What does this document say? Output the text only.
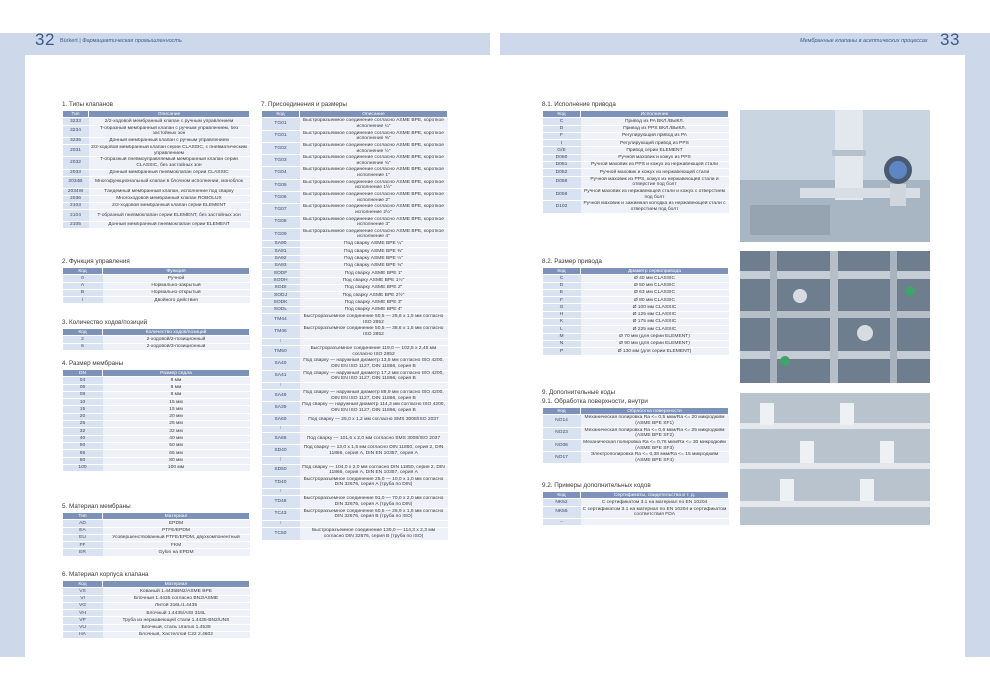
32 Bürkert | Фармацевтическая промышленность	Мембранные клапаны в асептических процессах 33
1. Типы клапанов
Тип	Описание
3233	2/2-ходовой мембранный клапан с ручным управлением
3234	T-образный мембранный клапан с ручным управлением, без застойных зон
3235	Донный мембранный клапан с ручным управлением
2031	2/2-ходовой мембранный клапан серии CLASSIC, с пневматическим управлением
2032	T-образный пневмоуправляемый мембранный клапан серии CLASSIC, без застойных зон
2033	Донный мембранный пневмоклапан серии CLASSIC
2034B	Многофункциональный клапан в блочном исполнении, моноблок
2034W	Тандемный мембранный клапан, исполнение под сварку
2036	Многоходовой мембранный клапан ROBOLUX
2103	2/2-ходовой мембранный клапан серии ELEMENT
2104	T-образный пневмоклапан серии ELEMENT, без застойных зон
2105	Донный мембранный пневмоклапан серии ELEMENT
2. Функция управления
Код	Функция
0	Ручной
A	Нормально-закрытый
B	Нормально-открытый
I	Двойного действия
3. Количество ходов/позиций
Код	Количество ходов/позиций
2	2-ходовой/2-позиционный
6	2-ходовой/3-позиционный
4. Размер мембраны
DN	Размер седла
04	8 мм
06	8 мм
08	8 мм
10	15 мм
15	15 мм
20	20 мм
25	25 мм
32	32 мм
40	40 мм
50	50 мм
65	65 мм
80	80 мм
100	100 мм
5. Материал мембраны
Тип	Материал
AD	EPDM
EA	PTFE/EPDM
EU	Усовершенствованный PTFE/EPDM, двухкомпонентный
FF	FKM
ER	Gylon на EPDM
6. Материал корпуса клапана
Код	Материал
VS	Кованый 1.4435BN2/ASME BPE
VI	Блочный 1.4435 согласно BN2/ASME
VG	Литой 316L/1.4435
VH	Блочный 1.4435/AISI 316L
VP	Труба из нержавеющей стали 1.4435-BN2/UNS
VU	Блочный, сталь Uranus 1.4539
HA	Блочный, Хастеллой C22 2.4602
7. Присоединения и размеры
Код	Описание
TG01	Быстроразъемное соединение согласно ASME BPE, короткое исполнение ¼"
TG01	Быстроразъемное соединение согласно ASME BPE, короткое исполнение ⅜"
TG02	Быстроразъемное соединение согласно ASME BPE, короткое исполнение ½"
TG03	Быстроразъемное соединение согласно ASME BPE, короткое исполнение ¾"
TG04	Быстроразъемное соединение согласно ASME BPE, короткое исполнение 1"
TG05	Быстроразъемное соединение согласно ASME BPE, короткое исполнение 1½"
TG06	Быстроразъемное соединение согласно ASME BPE, короткое исполнение 2"
TG07	Быстроразъемное соединение согласно ASME BPE, короткое исполнение 2½"
TG08	Быстроразъемное соединение согласно ASME BPE, короткое исполнение 3"
TG09	Быстроразъемное соединение согласно ASME BPE, короткое исполнение 4"
SA90	Под сварку ASME BPE ¼"
SA91	Под сварку ASME BPE ⅜"
SA92	Под сварку ASME BPE ½"
SA93	Под сварку ASME BPE ¾"
SODF	Под сварку ASME BPE 1"
SODH	Под сварку ASME BPE 1½"
SODI	Под сварку ASME BPE 2"
SODJ	Под сварку ASME BPE 2½"
SODK	Под сварку ASME BPE 3"
SODL	Под сварку ASME BPE 4"
TM44	Быстроразъемное соединение 50,5 — 25,6 х 1,5 мм согласно ISO 2852
TM46	Быстроразъемное соединение 50,5 — 38,6 х 1,5 мм согласно ISO 2852
⁞	
TM50	Быстроразъемное соединение 119,0 — 102,5 х 2,45 мм согласно ISO 2852
SA40	Под сварку — наружный диаметр 13,5 мм согласно ISO 4200, DIN EN ISO 1127, DIN 11866, серия B
SA41	Под сварку — наружный диаметр 17,2 мм согласно ISO 4200, DIN EN ISO 1127, DIN 11866, серия B
⁞	
SA49	Под сварку — наружный диаметр 88,9 мм согласно ISO 4200, DIN EN ISO 1127, DIN 11866, серия B
SA39	Под сварку — наружный диаметр 114,3 мм согласно ISO 4200, DIN EN ISO 1127, DIN 11866, серия B
SA60	Под сварку — 25,0 х 1,2 мм согласно SMS 3008/ISO 2037
⁞	
SA66	Под сварку — 101,6 х 2,0 мм согласно SMS 3008/ISO 2037
SD40	Под сварку — 13,0 х 1,5 мм согласно DIN 11850, серия 2, DIN 11866, серия A, DIN EN 10357, серия A
⁞	
SD50	Под сварку — 104,0 х 2,0 мм согласно DIN 11850, серия 2, DIN 11866, серия A, DIN EN 10357, серия A
TD40	Быстроразъемное соединение 25,0 — 10,0 х 1,0 мм согласно DIN 32676, серия A (труба по DIN)
⁞	
TD48	Быстроразъемное соединение 91,0 — 70,0 х 2,0 мм согласно DIN 32676, серия A (труба по DIN)
TC43	Быстроразъемное соединение 50,5 — 26,9 х 1,6 мм согласно DIN 32676, серия B (труба по ISO)
⁞	
TC50	Быстроразъемное соединение 130,0 — 114,3 х 2,3 мм согласно DIN 32676, серия B (труба по ISO)
8.1. Исполнение привода
Код	Исполнение
C	Привод из PA ВКЛ./ВЫКЛ.
D	Привод из PPS ВКЛ./ВЫКЛ.
F	Регулирующий привод из PA
I	Регулирующий привод из PPS
G/E	Привод серии ELEMENT
D050	Ручной маховик и кожух из PPS
D051	Ручной маховик из PPS и кожух из нержавеющей стали
D052	Ручной маховик и кожух из нержавеющей стали
D058	Ручной маховик из PPS, кожух из нержавеющей стали и отверстие под болт
D059	Ручной маховик из нержавеющей стали и кожух с отверстием под болт
D102	Ручной маховик и зажимная колодка из нержавеющей стали с отверстием под болт
8.2. Размер привода
Код	Диаметр сервопривода
C	Ø 40 мм CLASSIC
D	Ø 50 мм CLASSIC
E	Ø 63 мм CLASSIC
F	Ø 80 мм CLASSIC
G	Ø 100 мм CLASSIC
H	Ø 125 мм CLASSIC
K	Ø 175 мм CLASSIC
L	Ø 225 мм CLASSIC
M	Ø 70 мм (для серии ELEMENT)
N	Ø 90 мм (для серии ELEMENT)
P	Ø 130 мм (для серии ELEMENT)
9. Дополнительные коды
9.1. Обработка поверхности, внутри
Код	Обработка поверхности
NO14	Механическая полировка Ra <= 0,5 мкм/Ra <= 20 микродюйм (ASME BPE SF1)
NO23	Механическая полировка Ra <= 0,6 мкм/Ra <= 25 микродюйм (ASME BPE SF2)
NO06	Механическая полировка Ra <= 0,76 мкм/Ra <= 30 микродюйм (ASME BPE SF3)
NO17	Электрополировка Ra <= 0,38 мкм/Ra <= 15 микродюйм (ASME BPE SF4)
9.2. Примеры дополнительных кодов
Код	Сертификаты, свидетельства и т. д.
NK52	С сертификатом 3.1 на материал по EN 10204
NK55	С сертификатом 3.1 на материал по EN 10204 и сертификатом соответствия FDA
...	
